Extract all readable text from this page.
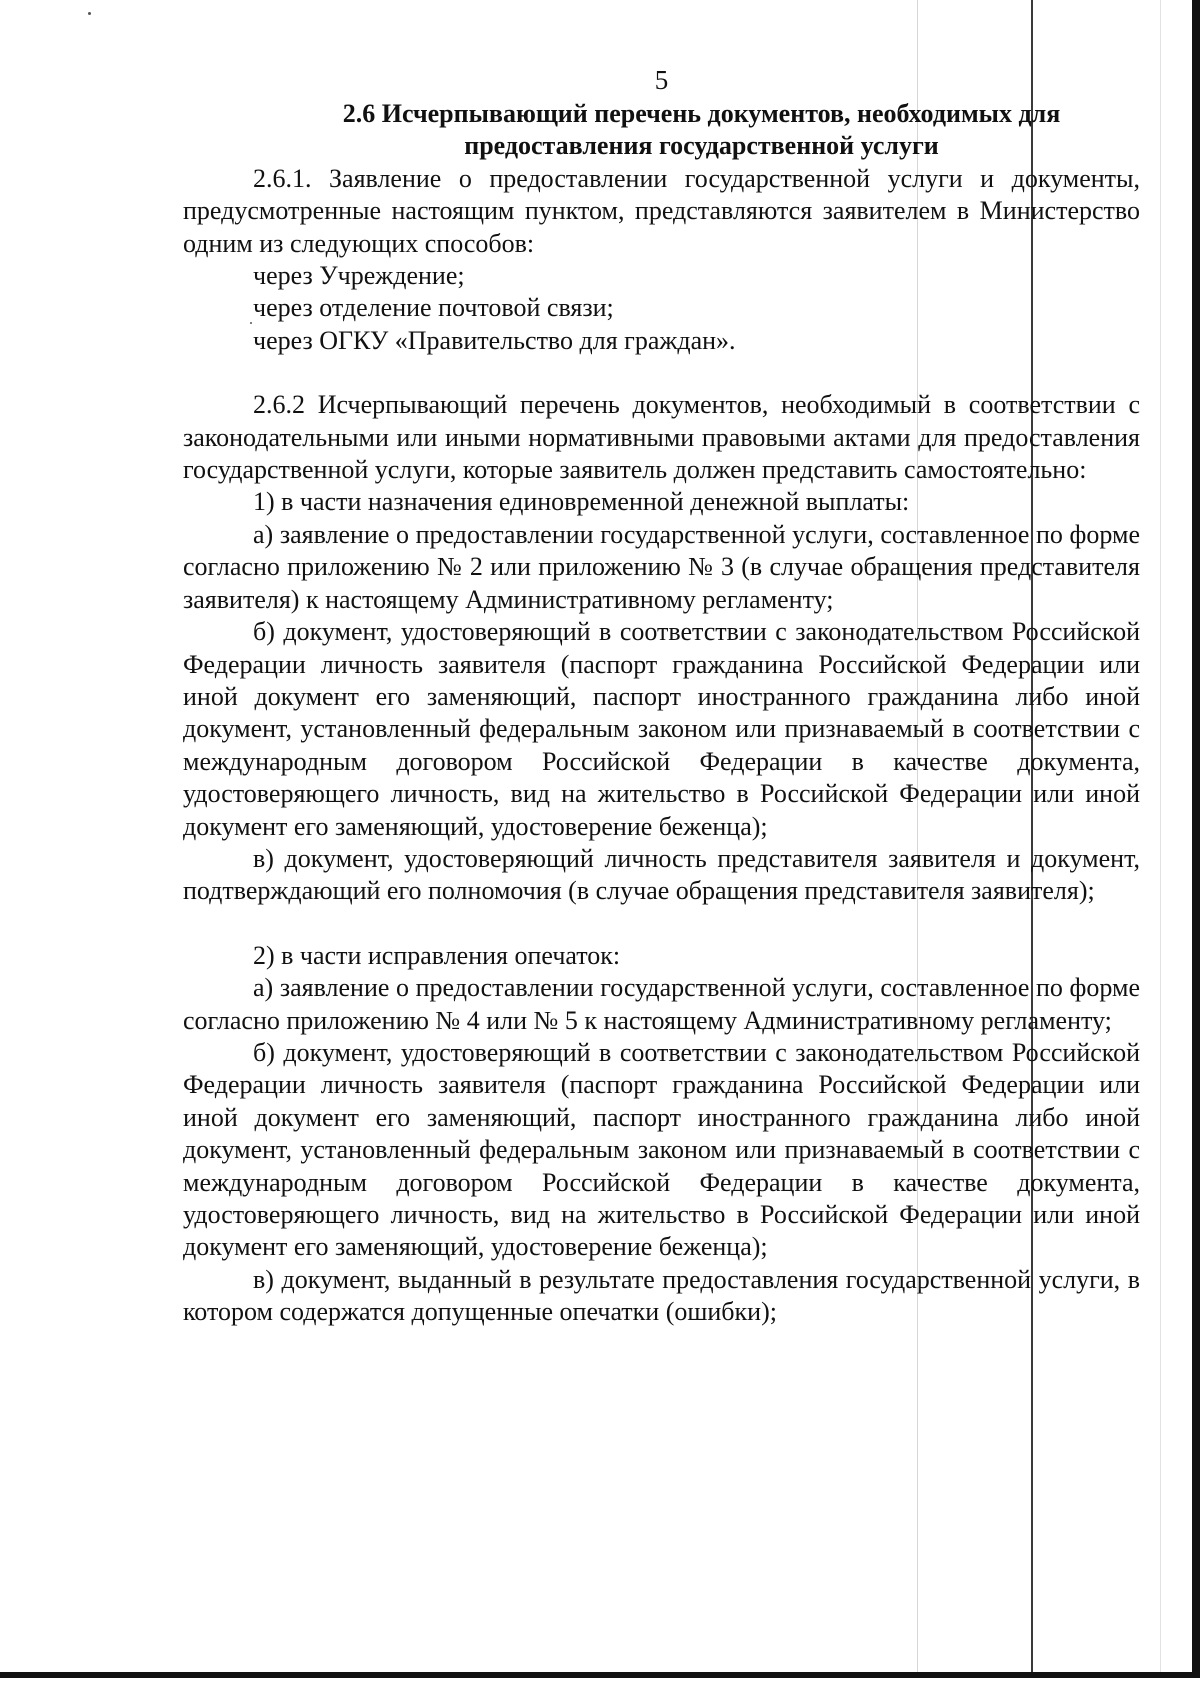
5

2.6 Исчерпывающий перечень документов, необходимых для
предоставления государственной услуги

2.6.1. Заявление о предоставлении государственной услуги и документы, предусмотренные настоящим пунктом, представляются заявителем в Министерство одним из следующих способов:

через Учреждение;

через отделение почтовой связи;

через ОГКУ «Правительство для граждан».

2.6.2 Исчерпывающий перечень документов, необходимый в соответствии с законодательными или иными нормативными правовыми актами для предоставления государственной услуги, которые заявитель должен представить самостоятельно:

1) в части назначения единовременной денежной выплаты:

а) заявление о предоставлении государственной услуги, составленное по форме согласно приложению № 2 или приложению № 3 (в случае обращения представителя заявителя) к настоящему Административному регламенту;

б) документ, удостоверяющий в соответствии с законодательством Российской Федерации личность заявителя (паспорт гражданина Российской Федерации или иной документ его заменяющий, паспорт иностранного гражданина либо иной документ, установленный федеральным законом или признаваемый в соответствии с международным договором Российской Федерации в качестве документа, удостоверяющего личность, вид на жительство в Российской Федерации или иной документ его заменяющий, удостоверение беженца);

в) документ, удостоверяющий личность представителя заявителя и документ, подтверждающий его полномочия (в случае обращения представителя заявителя);

2) в части исправления опечаток:

а) заявление о предоставлении государственной услуги, составленное по форме согласно приложению № 4 или № 5 к настоящему Административному регламенту;

б) документ, удостоверяющий в соответствии с законодательством Российской Федерации личность заявителя (паспорт гражданина Российской Федерации или иной документ его заменяющий, паспорт иностранного гражданина либо иной документ, установленный федеральным законом или признаваемый в соответствии с международным договором Российской Федерации в качестве документа, удостоверяющего личность, вид на жительство в Российской Федерации или иной документ его заменяющий, удостоверение беженца);

в) документ, выданный в результате предоставления государственной услуги, в котором содержатся допущенные опечатки (ошибки);
